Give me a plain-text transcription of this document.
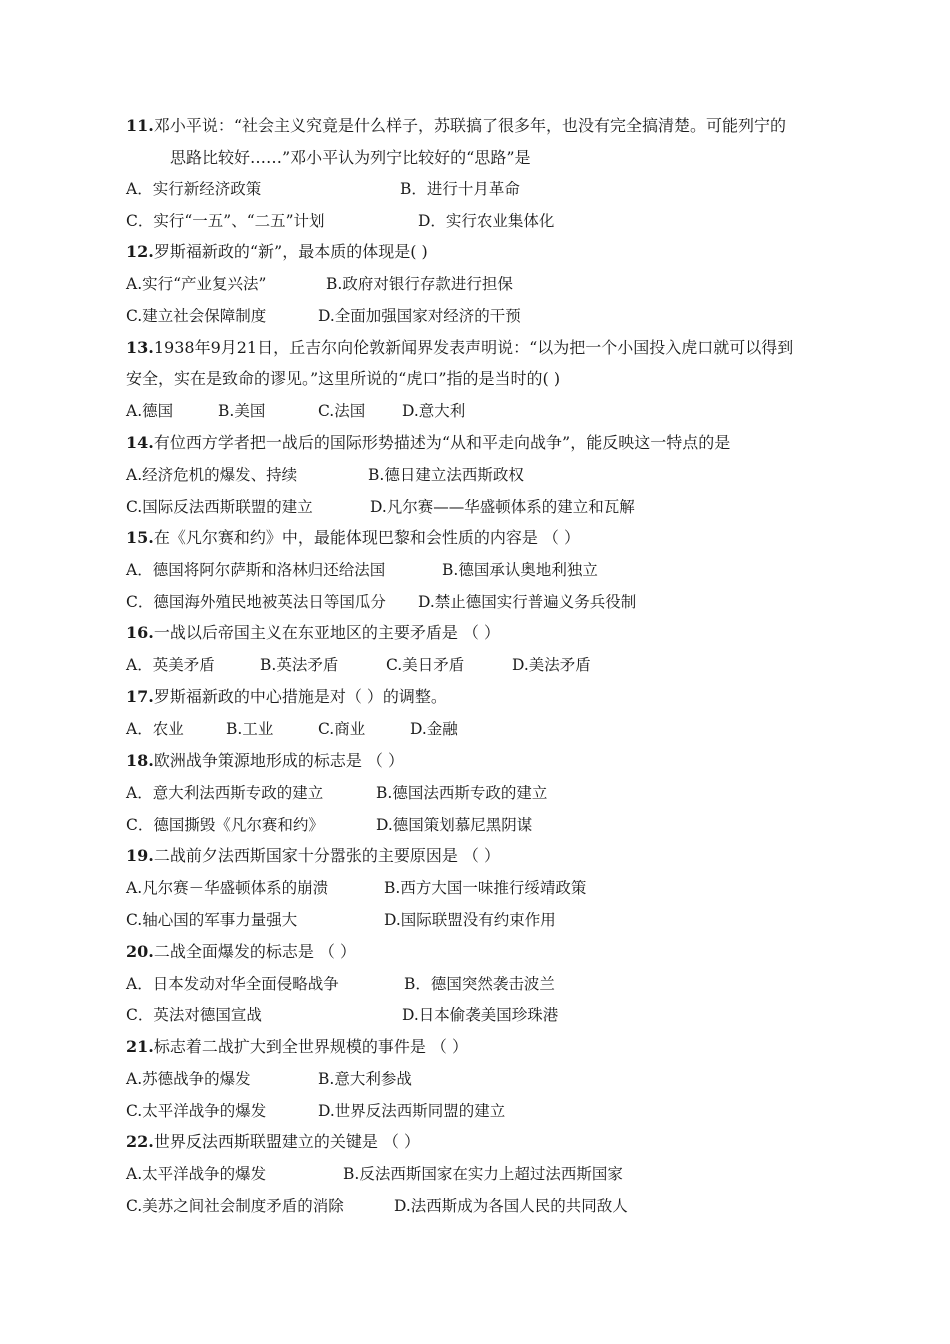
11.邓小平说：“社会主义究竟是什么样子，苏联搞了很多年，也没有完全搞清楚。可能列宁的
思路比较好……”邓小平认为列宁比较好的“思路”是
A．实行新经济政策	B．进行十月革命
C．实行“一五”、“二五”计划	D．实行农业集体化
12.罗斯福新政的“新”，最本质的体现是( )
A.实行“产业复兴法”	B.政府对银行存款进行担保
C.建立社会保障制度	D.全面加强国家对经济的干预
13.1938年9月21日，丘吉尔向伦敦新闻界发表声明说：“以为把一个小国投入虎口就可以得到
安全，实在是致命的谬见。”这里所说的“虎口”指的是当时的( )
A.德国	B.美国	C.法国 D.意大利
14.有位西方学者把一战后的国际形势描述为“从和平走向战争”，能反映这一特点的是
A.经济危机的爆发、持续	B.德日建立法西斯政权
C.国际反法西斯联盟的建立	D.凡尔赛——华盛顿体系的建立和瓦解
15.在《凡尔赛和约》中，最能体现巴黎和会性质的内容是 （ ）
A．德国将阿尔萨斯和洛林归还给法国	B.德国承认奥地利独立
C．德国海外殖民地被英法日等国瓜分 D.禁止德国实行普遍义务兵役制
16.一战以后帝国主义在东亚地区的主要矛盾是 （ ）
A．英美矛盾	B.英法矛盾	C.美日矛盾	D.美法矛盾
17.罗斯福新政的中心措施是对（ ）的调整。
A．农业	B.工业	C.商业	D.金融
18.欧洲战争策源地形成的标志是 （ ）
A．意大利法西斯专政的建立	B.德国法西斯专政的建立
C．德国撕毁《凡尔赛和约》	D.德国策划慕尼黑阴谋
19.二战前夕法西斯国家十分嚣张的主要原因是 （ ）
A.凡尔赛－华盛顿体系的崩溃	B.西方大国一味推行绥靖政策
C.轴心国的军事力量强大	D.国际联盟没有约束作用
20.二战全面爆发的标志是 （ ）
A．日本发动对华全面侵略战争	B．德国突然袭击波兰
C．英法对德国宣战	D.日本偷袭美国珍珠港
21.标志着二战扩大到全世界规模的事件是 （ ）
A.苏德战争的爆发	B.意大利参战
C.太平洋战争的爆发	D.世界反法西斯同盟的建立
22.世界反法西斯联盟建立的关键是 （ ）
A.太平洋战争的爆发	B.反法西斯国家在实力上超过法西斯国家
C.美苏之间社会制度矛盾的消除	D.法西斯成为各国人民的共同敌人
